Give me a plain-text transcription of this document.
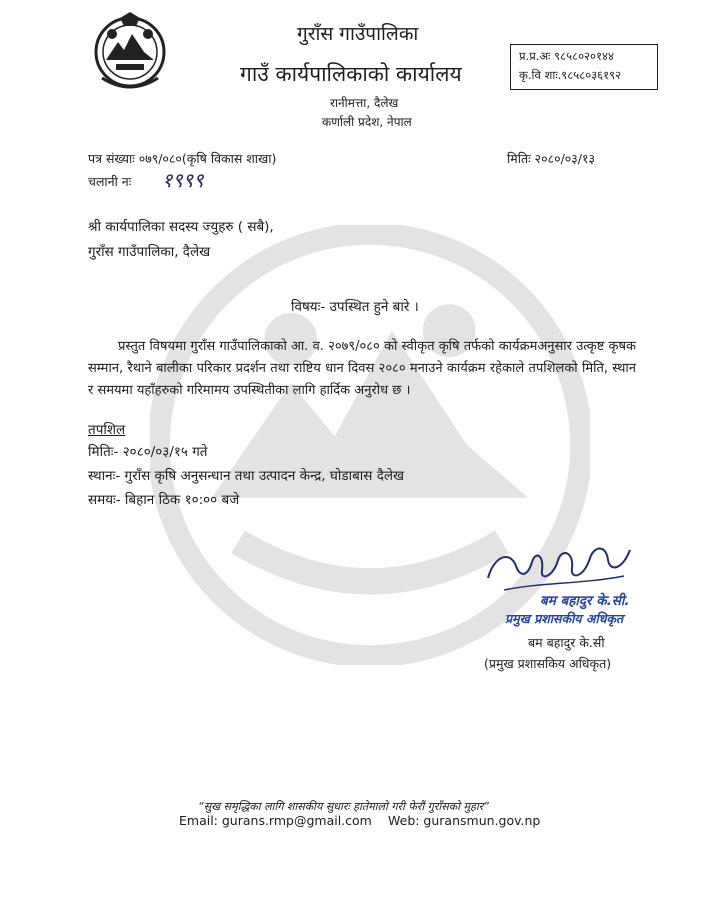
गुराँस गाउँपालिका
गाउँ कार्यपालिकाको कार्यालय
रानीमत्ता, दैलेख
कर्णाली प्रदेश, नेपाल
प्र.प्र.अः ९८५८०२०१४४
कृ.वि शाः.९८५८०३६१९२
पत्र संख्याः ०७९/०८०(कृषि विकास शाखा)	मितिः २०८०/०३/१३
चलानी नः १९९९
श्री कार्यपालिका सदस्य ज्युहरु ( सबै),
गुराँस गाउँपालिका, दैलेख
विषयः- उपस्थित हुने बारे ।
प्रस्तुत विषयमा गुराँस गाउँपालिकाको आ. व. २०७९/०८० को स्वीकृत कृषि तर्फको कार्यक्रमअनुसार उत्कृष्ट कृषक सम्मान, रैथाने बालीका परिकार प्रदर्शन तथा राष्टिय धान दिवस २०८० मनाउने कार्यक्रम रहेकाले तपशिलको मिति, स्थान र समयमा यहाँहरुको गरिमामय उपस्थितीका लागि हार्दिक अनुरोध छ ।
तपशिल
मितिः- २०८०/०३/१५ गते
स्थानः- गुराँस कृषि अनुसन्धान तथा उत्पादन केन्द्र, घोडाबास दैलेख
समयः- बिहान ठिक १०:०० बजे
बम बहादुर के.सी.
प्रमुख प्रशासकीय अधिकृत
बम बहादुर के.सी
(प्रमुख प्रशासकिय अधिकृत)
“सुख समृद्धिका लागि शासकीय सुधारः हातेमालो गरी फेरौं गुराँसको मुहार”
Email: gurans.rmp@gmail.com Web: guransmun.gov.np
